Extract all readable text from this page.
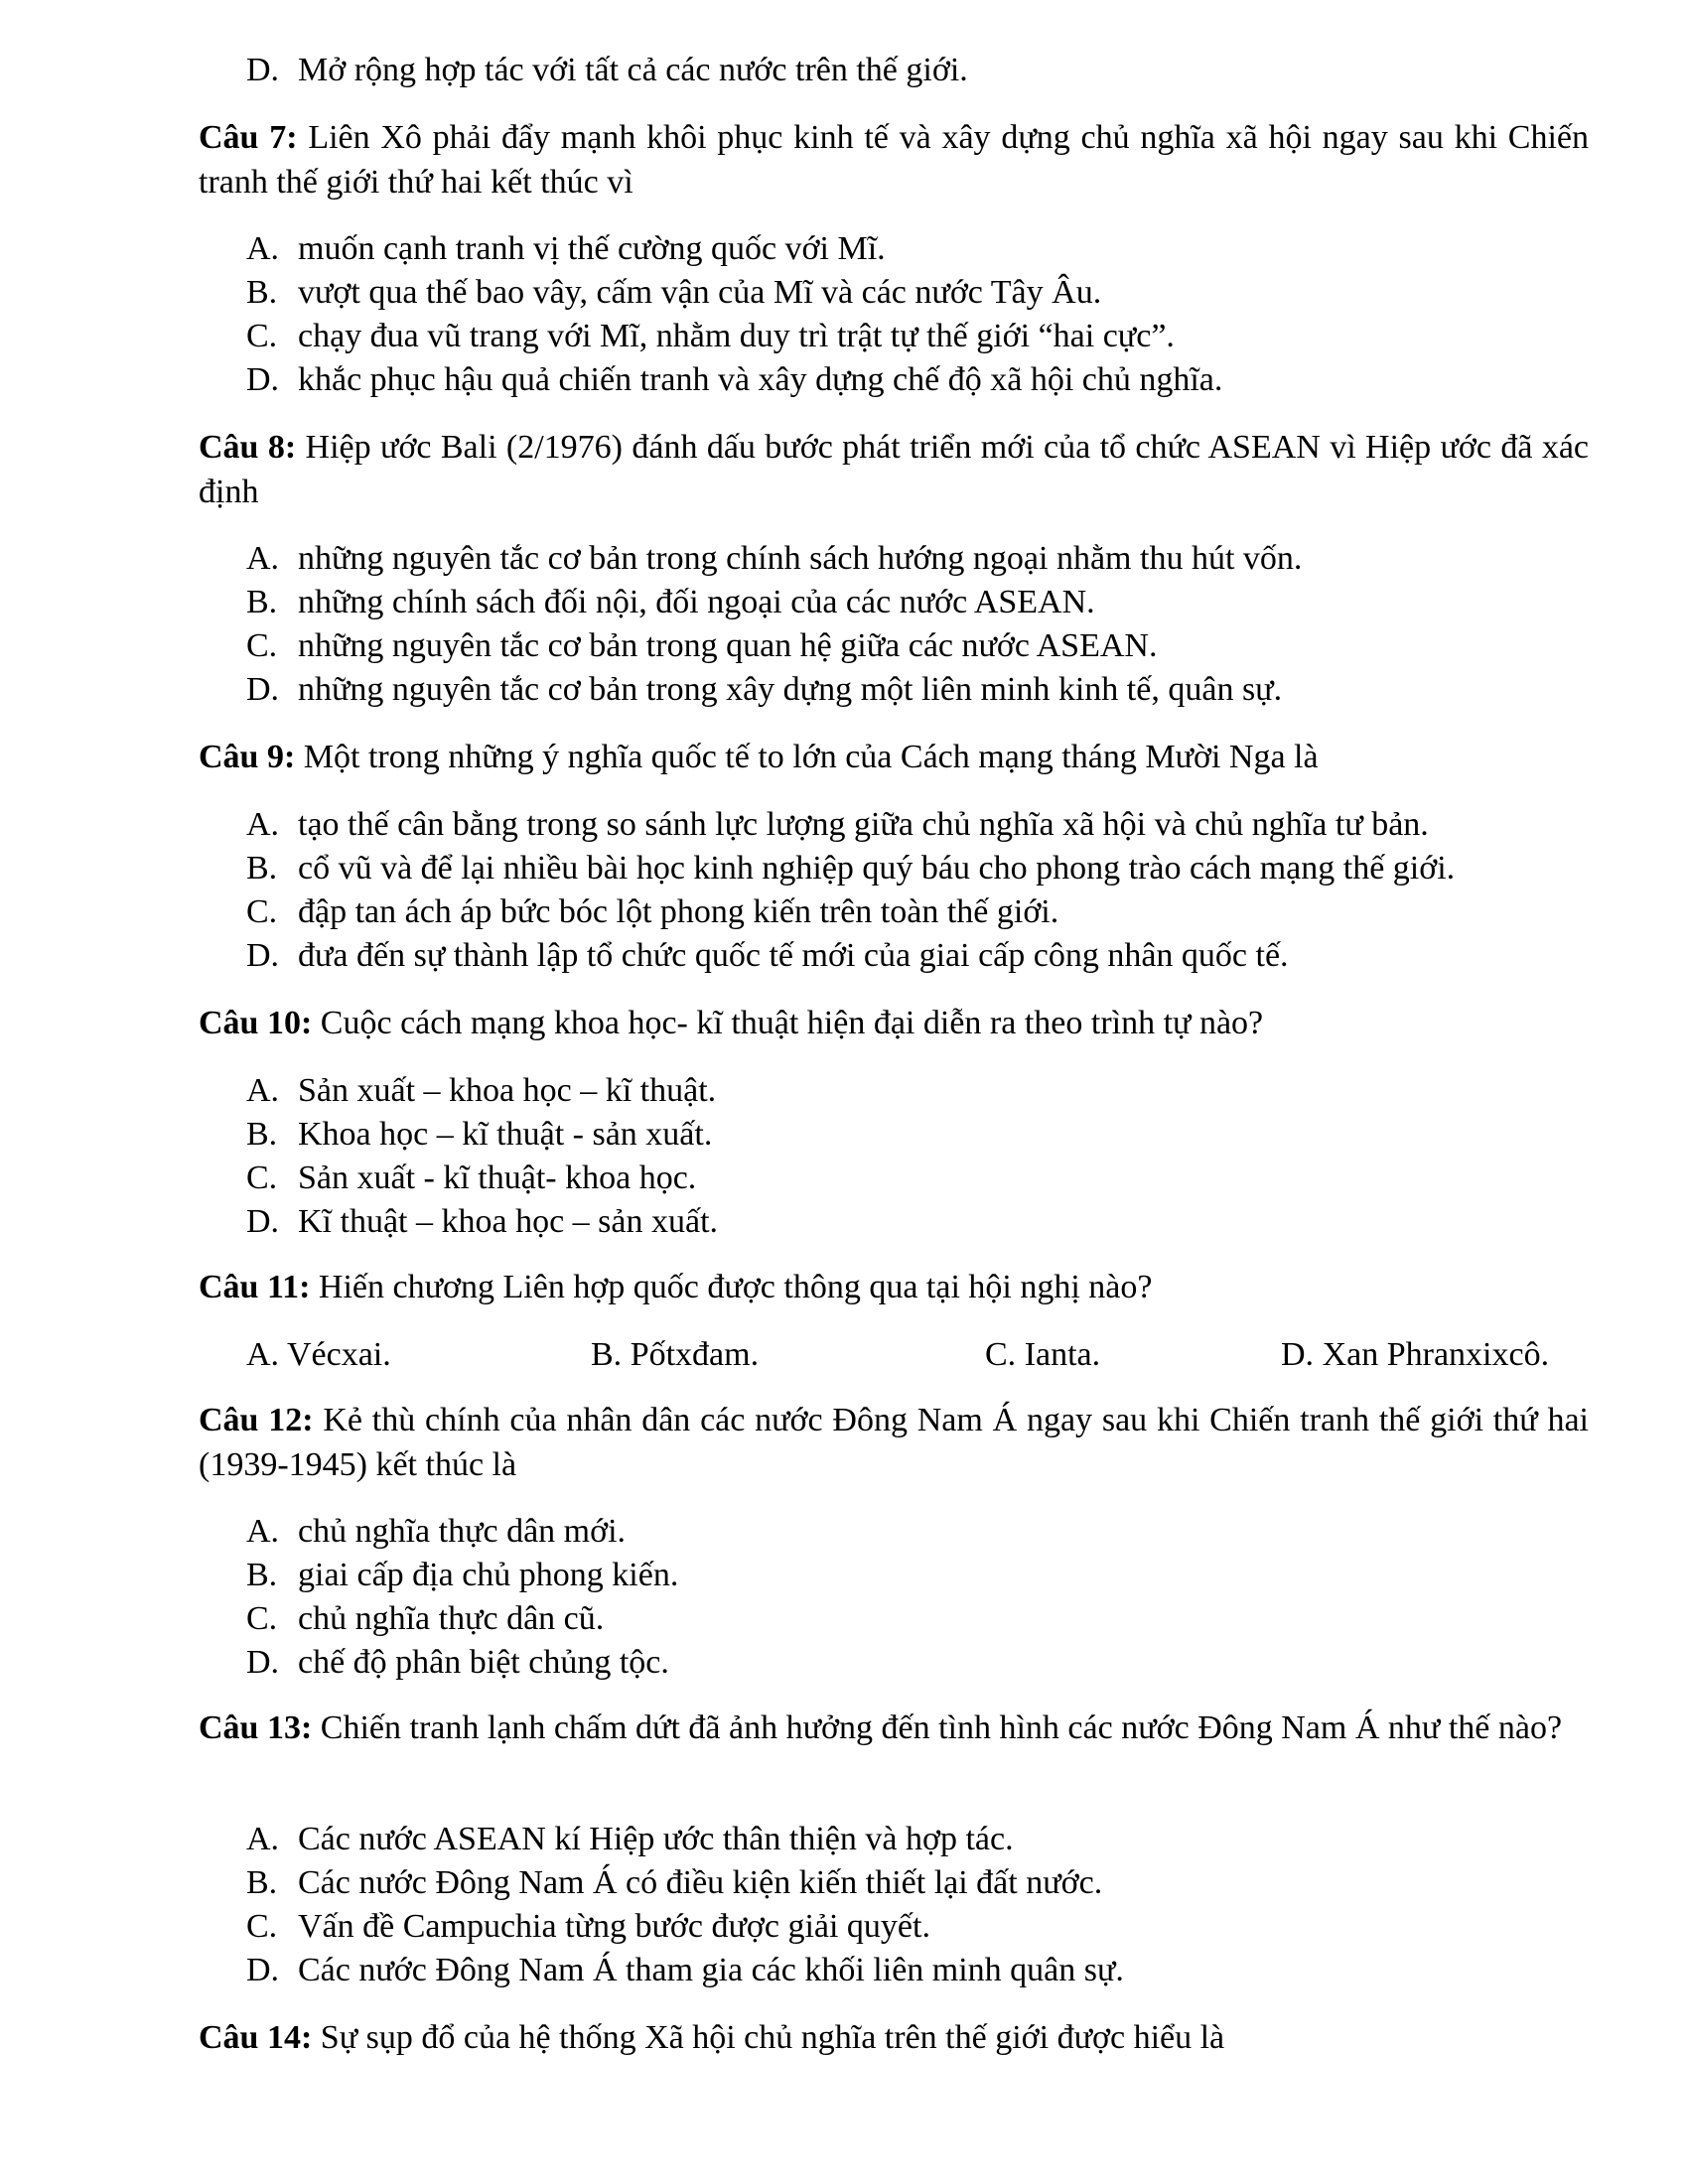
D. Mở rộng hợp tác với tất cả các nước trên thế giới.
Câu 7: Liên Xô phải đẩy mạnh khôi phục kinh tế và xây dựng chủ nghĩa xã hội ngay sau khi Chiến tranh thế giới thứ hai kết thúc vì
A. muốn cạnh tranh vị thế cường quốc với Mĩ.
B. vượt qua thế bao vây, cấm vận của Mĩ và các nước Tây Âu.
C. chạy đua vũ trang với Mĩ, nhằm duy trì trật tự thế giới “hai cực”.
D. khắc phục hậu quả chiến tranh và xây dựng chế độ xã hội chủ nghĩa.
Câu 8: Hiệp ước Bali (2/1976) đánh dấu bước phát triển mới của tổ chức ASEAN vì Hiệp ước đã xác định
A. những nguyên tắc cơ bản trong chính sách hướng ngoại nhằm thu hút vốn.
B. những chính sách đối nội, đối ngoại của các nước ASEAN.
C. những nguyên tắc cơ bản trong quan hệ giữa các nước ASEAN.
D. những nguyên tắc cơ bản trong xây dựng một liên minh kinh tế, quân sự.
Câu 9: Một trong những ý nghĩa quốc tế to lớn của Cách mạng tháng Mười Nga là
A. tạo thế cân bằng trong so sánh lực lượng giữa chủ nghĩa xã hội và chủ nghĩa tư bản.
B. cổ vũ và để lại nhiều bài học kinh nghiệp quý báu cho phong trào cách mạng thế giới.
C. đập tan ách áp bức bóc lột phong kiến trên toàn thế giới.
D. đưa đến sự thành lập tổ chức quốc tế mới của giai cấp công nhân quốc tế.
Câu 10: Cuộc cách mạng khoa học- kĩ thuật hiện đại diễn ra theo trình tự nào?
A. Sản xuất – khoa học – kĩ thuật.
B. Khoa học – kĩ thuật - sản xuất.
C. Sản xuất - kĩ thuật- khoa học.
D. Kĩ thuật – khoa học – sản xuất.
Câu 11: Hiến chương Liên hợp quốc được thông qua tại hội nghị nào?
A. Vécxai.	B. Pốtxđam.	C. Ianta.	D. Xan Phranxixcô.
Câu 12: Kẻ thù chính của nhân dân các nước Đông Nam Á ngay sau khi Chiến tranh thế giới thứ hai (1939-1945) kết thúc là
A. chủ nghĩa thực dân mới.
B. giai cấp địa chủ phong kiến.
C. chủ nghĩa thực dân cũ.
D. chế độ phân biệt chủng tộc.
Câu 13: Chiến tranh lạnh chấm dứt đã ảnh hưởng đến tình hình các nước Đông Nam Á như thế nào?
A. Các nước ASEAN kí Hiệp ước thân thiện và hợp tác.
B. Các nước Đông Nam Á có điều kiện kiến thiết lại đất nước.
C. Vấn đề Campuchia từng bước được giải quyết.
D. Các nước Đông Nam Á tham gia các khối liên minh quân sự.
Câu 14: Sự sụp đổ của hệ thống Xã hội chủ nghĩa trên thế giới được hiểu là
